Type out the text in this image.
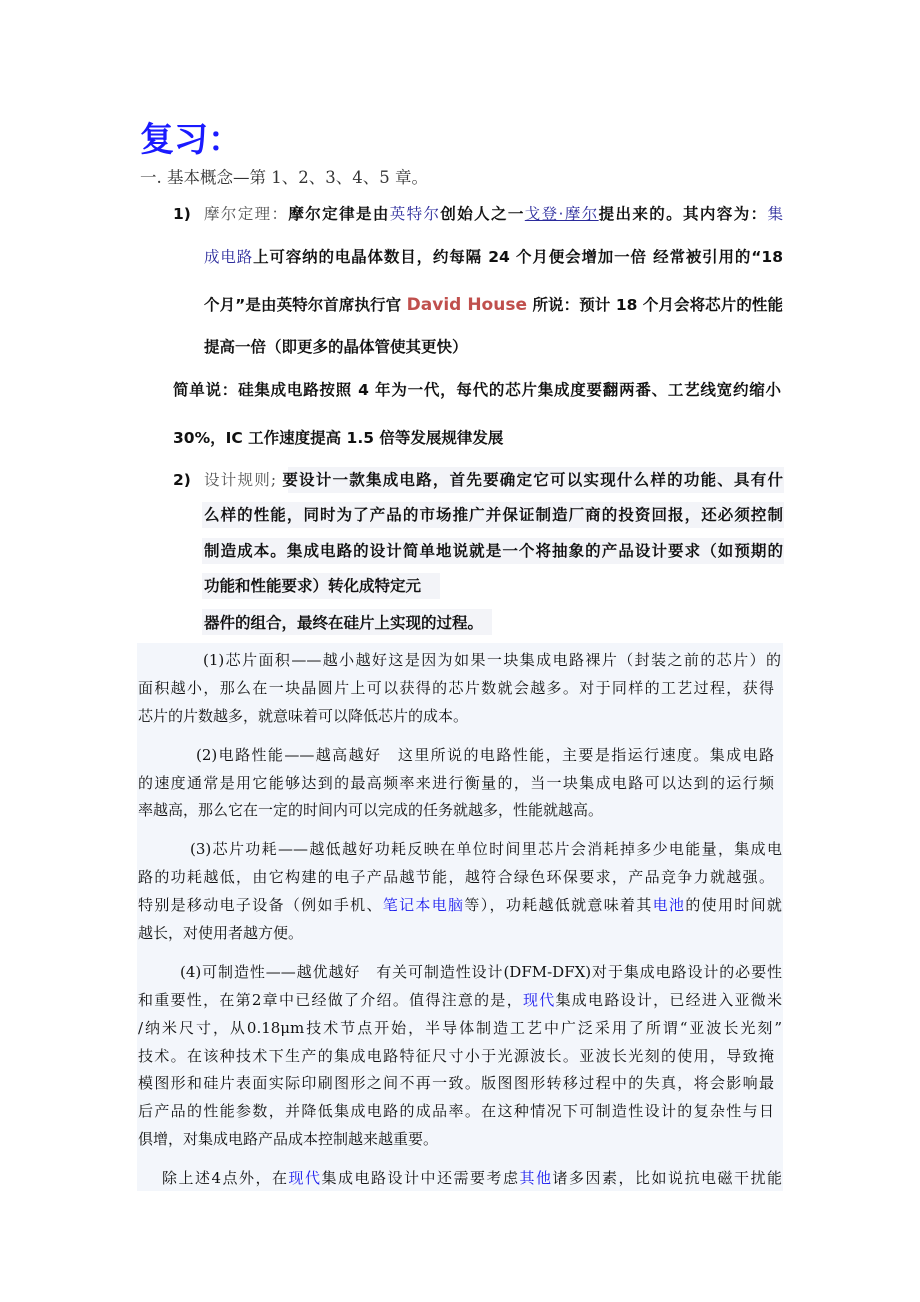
复习：
一. 基本概念—第 1、2、3、4、5 章。
1) 摩尔定理：摩尔定律是由英特尔创始人之一戈登·摩尔提出来的。其内容为：集
成电路上可容纳的电晶体数目，约每隔 24 个月便会增加一倍 经常被引用的“18
个月”是由英特尔首席执行官 David House 所说：预计 18 个月会将芯片的性能
提高一倍（即更多的晶体管使其更快）
简单说：硅集成电路按照 4 年为一代，每代的芯片集成度要翻两番、工艺线宽约缩小
30%，IC 工作速度提高 1.5 倍等发展规律发展
2) 设计规则; 要设计一款集成电路，首先要确定它可以实现什么样的功能、具有什
么样的性能，同时为了产品的市场推广并保证制造厂商的投资回报，还必须控制
制造成本。集成电路的设计简单地说就是一个将抽象的产品设计要求（如预期的
功能和性能要求）转化成特定元
器件的组合，最终在硅片上实现的过程。
(1)芯片面积——越小越好这是因为如果一块集成电路裸片（封装之前的芯片）的
面积越小，那么在一块晶圆片上可以获得的芯片数就会越多。对于同样的工艺过程，获得
芯片的片数越多，就意味着可以降低芯片的成本。
(2)电路性能——越高越好　这里所说的电路性能，主要是指运行速度。集成电路
的速度通常是用它能够达到的最高频率来进行衡量的，当一块集成电路可以达到的运行频
率越高，那么它在一定的时间内可以完成的任务就越多，性能就越高。
(3)芯片功耗——越低越好功耗反映在单位时间里芯片会消耗掉多少电能量，集成电
路的功耗越低，由它构建的电子产品越节能，越符合绿色环保要求，产品竞争力就越强。
特别是移动电子设备（例如手机、笔记本电脑等），功耗越低就意味着其电池的使用时间就
越长，对使用者越方便。
(4)可制造性——越优越好　有关可制造性设计(DFM-DFX)对于集成电路设计的必要性
和重要性，在第2章中已经做了介绍。值得注意的是，现代集成电路设计，已经进入亚微米
/纳米尺寸，从0.18μm技术节点开始，半导体制造工艺中广泛采用了所谓“亚波长光刻”
技术。在该种技术下生产的集成电路特征尺寸小于光源波长。亚波长光刻的使用，导致掩
模图形和硅片表面实际印刷图形之间不再一致。版图图形转移过程中的失真，将会影响最
后产品的性能参数，并降低集成电路的成品率。在这种情况下可制造性设计的复杂性与日
俱增，对集成电路产品成本控制越来越重要。
除上述4点外，在现代集成电路设计中还需要考虑其他诸多因素，比如说抗电磁干扰能
